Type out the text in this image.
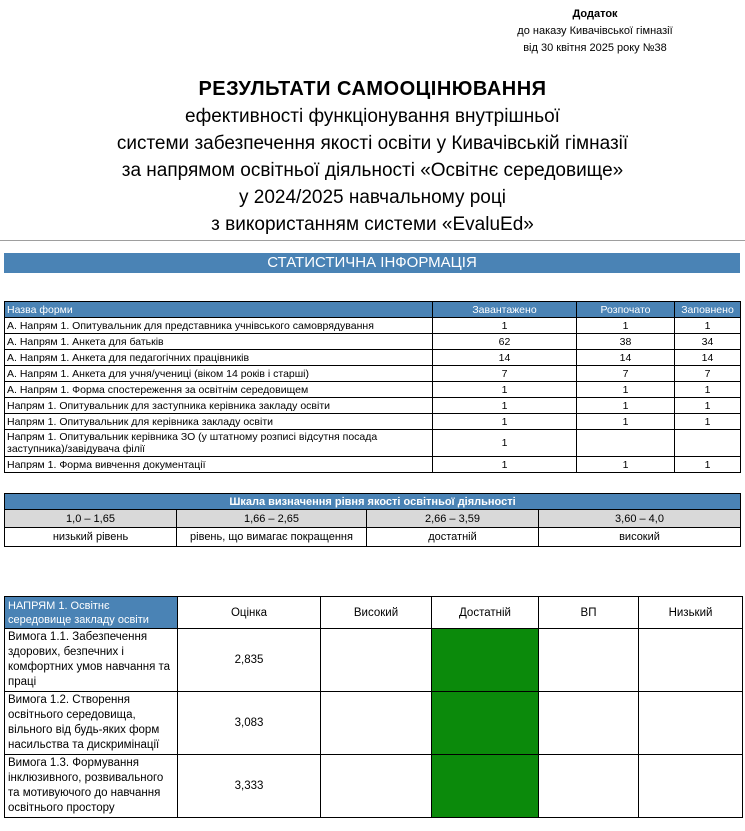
Додаток
до наказу Кивачівської гімназії
від 30 квітня 2025 року №38
РЕЗУЛЬТАТИ САМООЦІНЮВАННЯ
ефективності функціонування внутрішньої
системи забезпечення якості освіти у Кивачівській гімназії
за напрямом освітньої діяльності «Освітнє середовище»
у 2024/2025 навчальному році
з використанням системи «EvaluEd»
СТАТИСТИЧНА ІНФОРМАЦІЯ
Назва форми	Завантажено	Розпочато	Заповнено
А. Напрям 1. Опитувальник для представника учнівського самоврядування	1	1	1
А. Напрям 1. Анкета для батьків	62	38	34
А. Напрям 1. Анкета для педагогічних працівників	14	14	14
А. Напрям 1. Анкета для учня/учениці (віком 14 років і старші)	7	7	7
А. Напрям 1. Форма спостереження за освітнім середовищем	1	1	1
Напрям 1. Опитувальник для заступника керівника закладу освіти	1	1	1
Напрям 1. Опитувальник для керівника закладу освіти	1	1	1
Напрям 1. Опитувальник керівника ЗО (у штатному розписі відсутня посада заступника)/завідувача філії	1		
Напрям 1. Форма вивчення документації	1	1	1
Шкала визначення рівня якості освітньої діяльності			
1,0 – 1,65	1,66 – 2,65	2,66 – 3,59	3,60 – 4,0
низький рівень	рівень, що вимагає покращення	достатній	високий
НАПРЯМ 1. Освітнє середовище закладу освіти	Оцінка	Високий	Достатній	ВП	Низький
Вимога 1.1. Забезпечення здорових, безпечних і комфортних умов навчання та праці	2,835				
Вимога 1.2. Створення освітнього середовища, вільного від будь-яких форм насильства та дискримінації	3,083				
Вимога 1.3. Формування інклюзивного, розвивального та мотивуючого до навчання освітнього простору	3,333				
